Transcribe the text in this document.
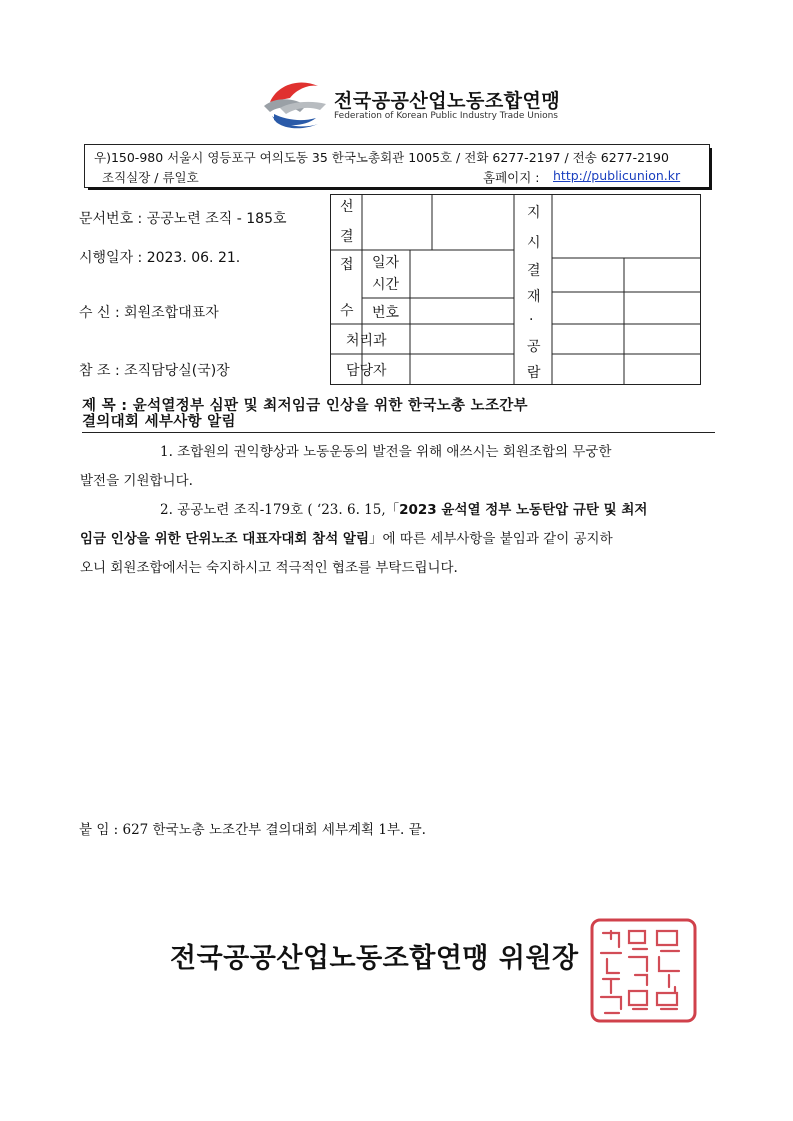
전국공공산업노동조합연맹
Federation of Korean Public Industry Trade Unions
우)150-980 서울시 영등포구 여의도동 35 한국노총회관 1005호 / 전화 6277-2197 / 전송 6277-2190
조직실장 / 류일호	홈페이지 : http://publicunion.kr
문서번호 : 공공노련 조직 - 185호
시행일자 : 2023. 06. 21.
수 신 : 회원조합대표자
참 조 : 조직담당실(국)장
선
결
접
수
일자
시간
번호
처리과
담당자
지
시
결
재
·
공
람
제 목 : 윤석열정부 심판 및 최저임금 인상을 위한 한국노총 노조간부
결의대회 세부사항 알림
1. 조합원의 권익향상과 노동운동의 발전을 위해 애쓰시는 회원조합의 무궁한
발전을 기원합니다.
2. 공공노련 조직-179호 ( ‘23. 6. 15,「2023 윤석열 정부 노동탄압 규탄 및 최저
임금 인상을 위한 단위노조 대표자대회 참석 알림」에 따른 세부사항을 붙임과 같이 공지하
오니 회원조합에서는 숙지하시고 적극적인 협조를 부탁드립니다.
붙 임 : 627 한국노총 노조간부 결의대회 세부계획 1부. 끝.
전국공공산업노동조합연맹 위원장
